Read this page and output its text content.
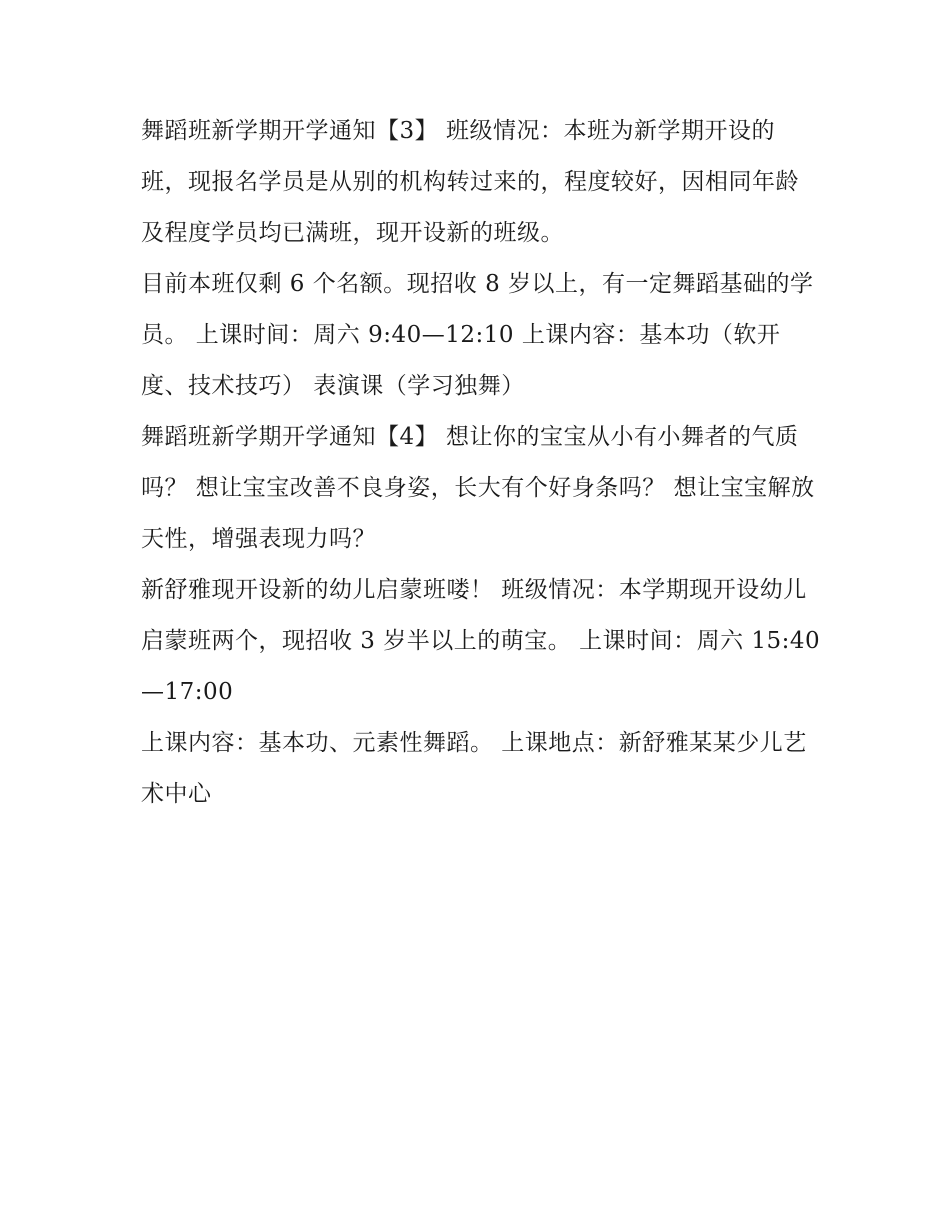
舞蹈班新学期开学通知【3】 班级情况：本班为新学期开设的班，现报名学员是从别的机构转过来的，程度较好，因相同年龄及程度学员均已满班，现开设新的班级。

目前本班仅剩 6 个名额。现招收 8 岁以上，有一定舞蹈基础的学员。 上课时间：周六 9:40—12:10 上课内容：基本功（软开度、技术技巧） 表演课（学习独舞）

舞蹈班新学期开学通知【4】 想让你的宝宝从小有小舞者的气质吗？ 想让宝宝改善不良身姿，长大有个好身条吗？ 想让宝宝解放天性，增强表现力吗？

新舒雅现开设新的幼儿启蒙班喽！ 班级情况：本学期现开设幼儿启蒙班两个，现招收 3 岁半以上的萌宝。 上课时间：周六 15:40—17:00

上课内容：基本功、元素性舞蹈。 上课地点：新舒雅某某少儿艺术中心
